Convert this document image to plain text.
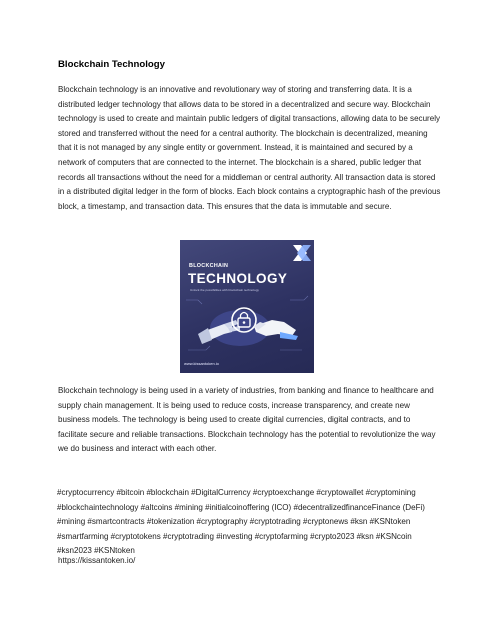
Blockchain Technology

Blockchain technology is an innovative and revolutionary way of storing and transferring data. It is a distributed ledger technology that allows data to be stored in a decentralized and secure way. Blockchain technology is used to create and maintain public ledgers of digital transactions, allowing data to be securely stored and transferred without the need for a central authority. The blockchain is decentralized, meaning that it is not managed by any single entity or government. Instead, it is maintained and secured by a network of computers that are connected to the internet. The blockchain is a shared, public ledger that records all transactions without the need for a middleman or central authority. All transaction data is stored in a distributed digital ledger in the form of blocks. Each block contains a cryptographic hash of the previous block, a timestamp, and transaction data. This ensures that the data is immutable and secure.

BLOCKCHAIN
TECHNOLOGY
Unlock the possibilities with blockchain technology
www.kissantoken.io

Blockchain technology is being used in a variety of industries, from banking and finance to healthcare and supply chain management. It is being used to reduce costs, increase transparency, and create new business models. The technology is being used to create digital currencies, digital contracts, and to facilitate secure and reliable transactions. Blockchain technology has the potential to revolutionize the way we do business and interact with each other.

#cryptocurrency #bitcoin #blockchain #DigitalCurrency #cryptoexchange #cryptowallet #cryptomining #blockchaintechnology #altcoins #mining #initialcoinoffering (ICO) #decentralizedfinanceFinance (DeFi) #mining #smartcontracts #tokenization #cryptography #cryptotrading #cryptonews #ksn #KSNtoken #smartfarming #cryptotokens #cryptotrading #investing #cryptofarming #crypto2023 #ksn #KSNcoin #ksn2023 #KSNtoken

https://kissantoken.io/
